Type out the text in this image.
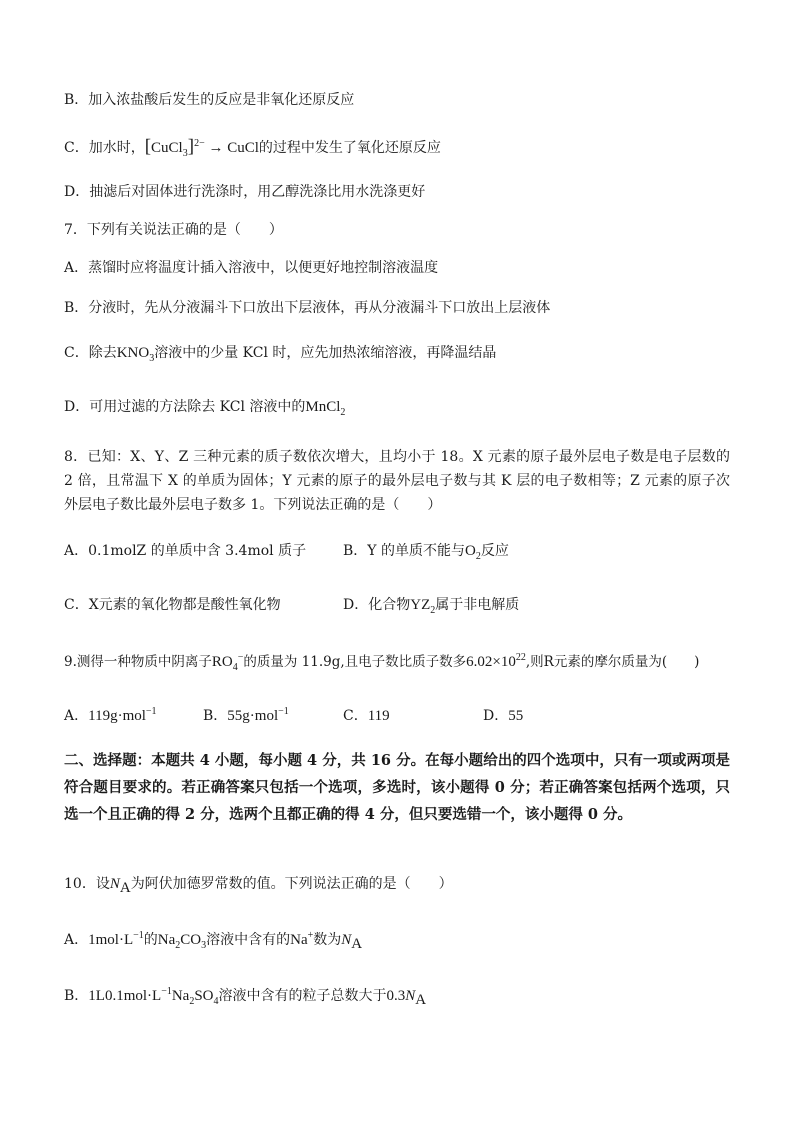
B．加入浓盐酸后发生的反应是非氧化还原反应
C．加水时，[CuCl$_3$]$^{2-}$ → CuCl的过程中发生了氧化还原反应
D．抽滤后对固体进行洗涤时，用乙醇洗涤比用水洗涤更好
7．下列有关说法正确的是（　　）
A．蒸馏时应将温度计插入溶液中，以便更好地控制溶液温度
B．分液时，先从分液漏斗下口放出下层液体，再从分液漏斗下口放出上层液体
C．除去$KNO_3$溶液中的少量 KCl 时，应先加热浓缩溶液，再降温结晶
D．可用过滤的方法除去 KCl 溶液中的MnCl$_2$
8．已知：X、Y、Z 三种元素的质子数依次增大，且均小于 18。X 元素的原子最外层电子数是电子层数的 2 倍，且常温下 X 的单质为固体；Y 元素的原子的最外层电子数与其 K 层的电子数相等；Z 元素的原子次外层电子数比最外层电子数多 1。下列说法正确的是（　　）
A．0.1molZ 的单质中含 3.4mol 质子	B．Y 的单质不能与$O_2$反应
C．X元素的氧化物都是酸性氧化物	D．化合物$YZ_2$属于非电解质
9.测得一种物质中阴离子$RO_4^-$的质量为 11.9g,且电子数比质子数多$6.02\times 10^{22}$,则R元素的摩尔质量为(　　)
A．119g·mol$^{-1}$	B．55g·mol$^{-1}$	C．119	D．55
二、选择题：本题共 4 小题，每小题 4 分，共 16 分。在每小题给出的四个选项中，只有一项或两项是符合题目要求的。若正确答案只包括一个选项，多选时，该小题得 0 分；若正确答案包括两个选项，只选一个且正确的得 2 分，选两个且都正确的得 4 分，但只要选错一个，该小题得 0 分。
10．设$N_A$为阿伏加德罗常数的值。下列说法正确的是（　　）
A．$1mol\cdot L^{-1}$的$Na_2CO_3$溶液中含有的Na+数为$N_A$
B．$1L0.1mol\cdot L^{-1}Na_2SO_4$溶液中含有的粒子总数大于$0.3N_A$
